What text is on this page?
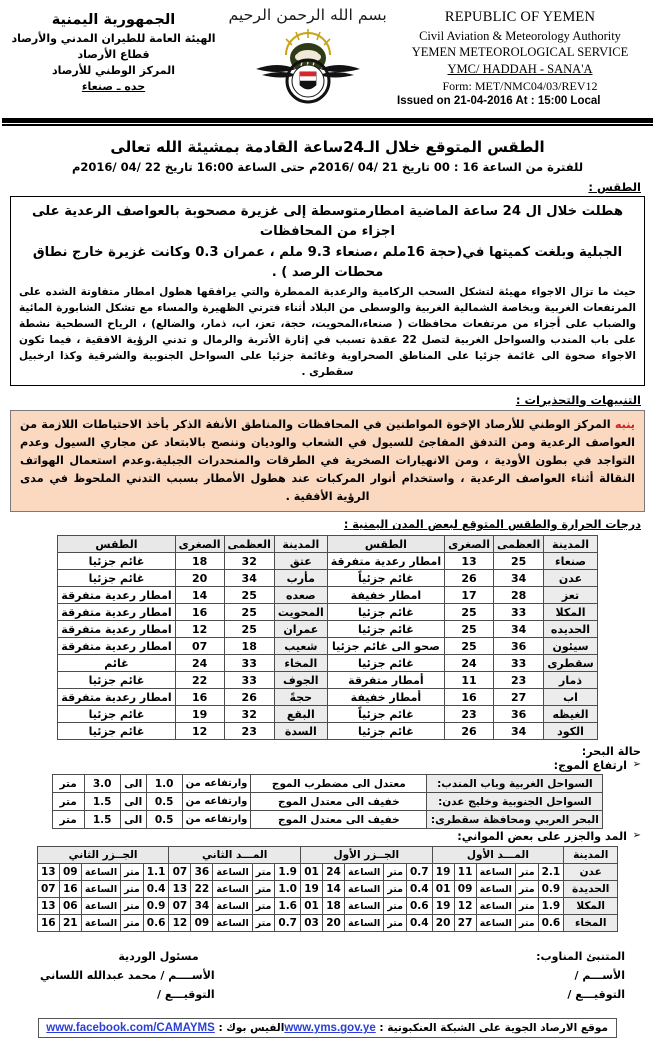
الجمهورية اليمنية
الهيئة العامة للطيران المدني والأرصاد
قطاع الأرصاد
المركز الوطني للأرصاد
حده ـ صنعاء
بسم الله الرحمن الرحيم	REPUBLIC OF YEMEN
Civil Aviation & Meteorology Authority
YEMEN METEOROLOGICAL SERVICE
YMC/ HADDAH - SANA'A
Form: MET/NMC04/03/REV12
Issued on 21-04-2016 At : 15:00 Local
الطقس المتوقع خلال الـ24ساعة القادمة بمشيئة الله تعالى
للفترة من الساعة 16 : 00 تاريخ 21 /04 /2016م حتى الساعة 16:00 تاريخ 22 /04 /2016م
الطقس :
هطلت خلال ال 24 ساعة الماضية امطارمتوسطة إلى غزيرة مصحوبة بالعواصف الرعدية على اجزاء من المحافظات
الجبلية وبلغت كميتها في(حجة 16ملم ،صنعاء 9.3 ملم ، عمران 0.3 وكانت غزيرة خارج نطاق محطات الرصد ) .
حيث ما تزال الاجواء مهيئة لتشكل السحب الركامية والرعدية الممطرة والتي يرافقها هطول امطار متفاوتة الشده على المرتفعات الغربية وبخاصة الشمالية الغربية والوسطى من البلاد أثناء فترتي الظهيرة والمساء مع تشكل الشابورة المائية والضباب على أجزاء من مرتفعات محافظات ( صنعاء،المحويت، حجة، تعز، اب، ذمار، والضالع) ، الرياح السطحية نشطة على باب المندب والسواحل الغربية لتصل 22 عقدة تسبب في إثارة الأتربة والرمال و تدني الرؤية الافقية ، فيما تكون الاجواء صحوة الى غائمة جزئيا على المناطق الصحراوية وغائمة جزئيا على السواحل الجنوبية والشرقية وكذا ارخبيل سقطرى .
التنبيهات والتحذيرات :
ينبه المركز الوطني للأرصاد الإخوة المواطنين في المحافظات والمناطق الأنفة الذكر بأخذ الاحتياطات اللازمة من العواصف الرعدية ومن التدفق المفاجئ للسيول في الشعاب والوديان وننصح بالابتعاد عن مجاري السيول وعدم التواجد في بطون الأودية ، ومن الانهيارات الصخرية في الطرقات والمنحدرات الجبلية.وعدم استعمال الهواتف النقالة أثناء العواصف الرعدية ، واستخدام أنوار المركبات عند هطول الأمطار بسبب التدني الملحوظ في مدى الرؤية الأفقية .
درجات الحرارة والطقس المتوقع لبعض المدن اليمنية :
المدينة	العظمى	الصغرى	الطقس	المدينة	العظمى	الصغرى	الطقس
صنعاء	25	13	امطار رعدية متفرقة	عتق	32	18	غائم جزئيا
عدن	34	26	غائم جزئياً	مأرب	34	20	غائم جزئيا
تعز	28	17	امطار خفيفة	صعده	25	14	امطار رعدية متفرقة
المكلا	33	25	غائم جزئيا	المحويت	25	16	امطار رعدية متفرقة
الحديده	34	25	غائم جزئيا	عمران	25	12	امطار رعدية متفرقة
سيئون	36	25	صحو الى غائم جزئيا	شعيب	18	07	امطار رعدية متفرقة
سقطرى	33	24	غائم جزئيا	المخاء	33	24	غائم
ذمار	23	11	أمطار متفرقة	الجوف	33	22	غائم جزئيا
اب	27	16	أمطار خفيفة	حجةً	26	16	امطار رعدية متفرقة
الغيظه	36	23	غائم جزئياً	البقع	32	19	غائم جزئيا
الكود	34	26	غائم جزئيا	السدة	23	12	غائم جزئيا
حالة البحر:
➢
ارتفاع الموج:
السواحل الغربية وباب المندب:	معتدل الى مضطرب الموج	وارتفاعه من	1.0	الى	3.0	متر
السواحل الجنوبية وخليج عدن:	خفيف الى معتدل الموج	وارتفاعه من	0.5	الى	1.5	متر
البحر العربي ومحافظة سقطرى:	خفيف الى معتدل الموج	وارتفاعه من	0.5	الى	1.5	متر
➢
المد والجزر على بعض المواني:
المدينة	المـــد الأول					الجــزر الأول					المـــد الثاني					الجــزر الثاني				
عدن	2.1	متر	الساعة	11	19	0.7	متر	الساعة	24	01	1.9	متر	الساعة	36	07	1.1	متر	الساعة	09	13
الحديدة	0.9	متر	الساعة	09	01	0.4	متر	الساعة	14	19	1.0	متر	الساعة	22	13	0.4	متر	الساعة	16	07
المكلا	1.9	متر	الساعة	12	19	0.6	متر	الساعة	18	01	1.6	متر	الساعة	34	07	0.9	متر	الساعة	06	13
المخاء	0.6	متر	الساعة	27	20	0.4	متر	الساعة	20	03	0.7	متر	الساعة	09	12	0.6	متر	الساعة	21	16
المتنبئ المناوب:
الأســـم /
التوقيـــع /
مسئول الوردية
الأســــم / محمد عبدالله اللساني
التوقيـــع /
موقع الارصاد الجوية على الشبكة العنكبوتية : www.yms.gov.ye
الفيس بوك : www.facebook.com/CAMAYMS
